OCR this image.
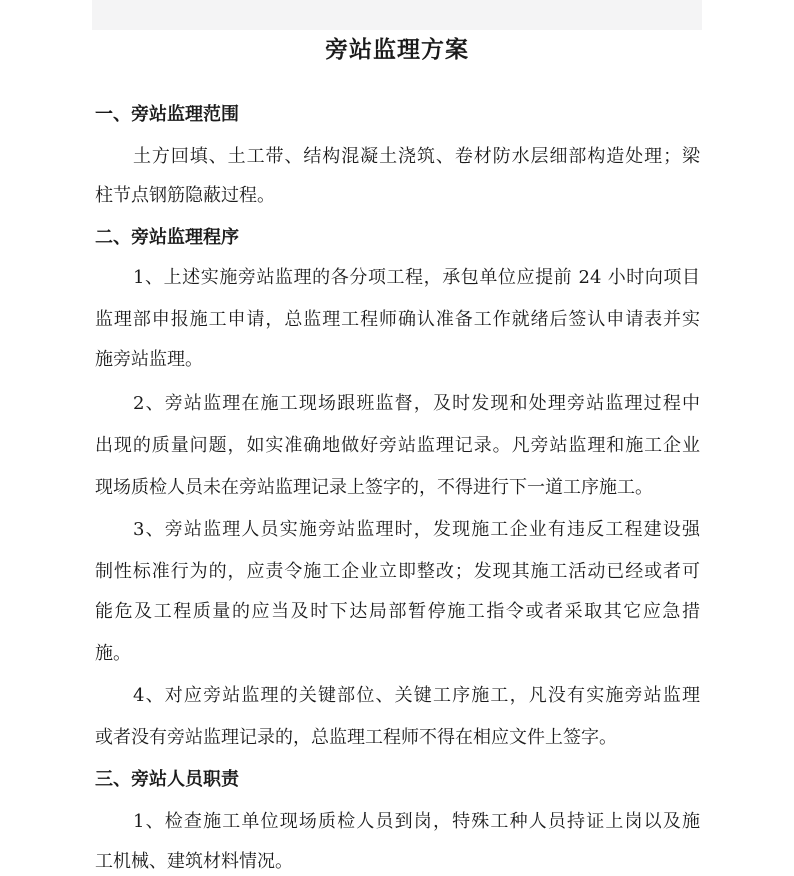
旁站监理方案
一、旁站监理范围
土方回填、土工带、结构混凝土浇筑、卷材防水层细部构造处理；梁
柱节点钢筋隐蔽过程。
二、旁站监理程序
1、上述实施旁站监理的各分项工程，承包单位应提前 24 小时向项目
监理部申报施工申请，总监理工程师确认准备工作就绪后签认申请表并实
施旁站监理。
2、旁站监理在施工现场跟班监督，及时发现和处理旁站监理过程中
出现的质量问题，如实准确地做好旁站监理记录。凡旁站监理和施工企业
现场质检人员未在旁站监理记录上签字的，不得进行下一道工序施工。
3、旁站监理人员实施旁站监理时，发现施工企业有违反工程建设强
制性标准行为的，应责令施工企业立即整改；发现其施工活动已经或者可
能危及工程质量的应当及时下达局部暂停施工指令或者采取其它应急措
施。
4、对应旁站监理的关键部位、关键工序施工，凡没有实施旁站监理
或者没有旁站监理记录的，总监理工程师不得在相应文件上签字。
三、旁站人员职责
1、检查施工单位现场质检人员到岗，特殊工种人员持证上岗以及施
工机械、建筑材料情况。
